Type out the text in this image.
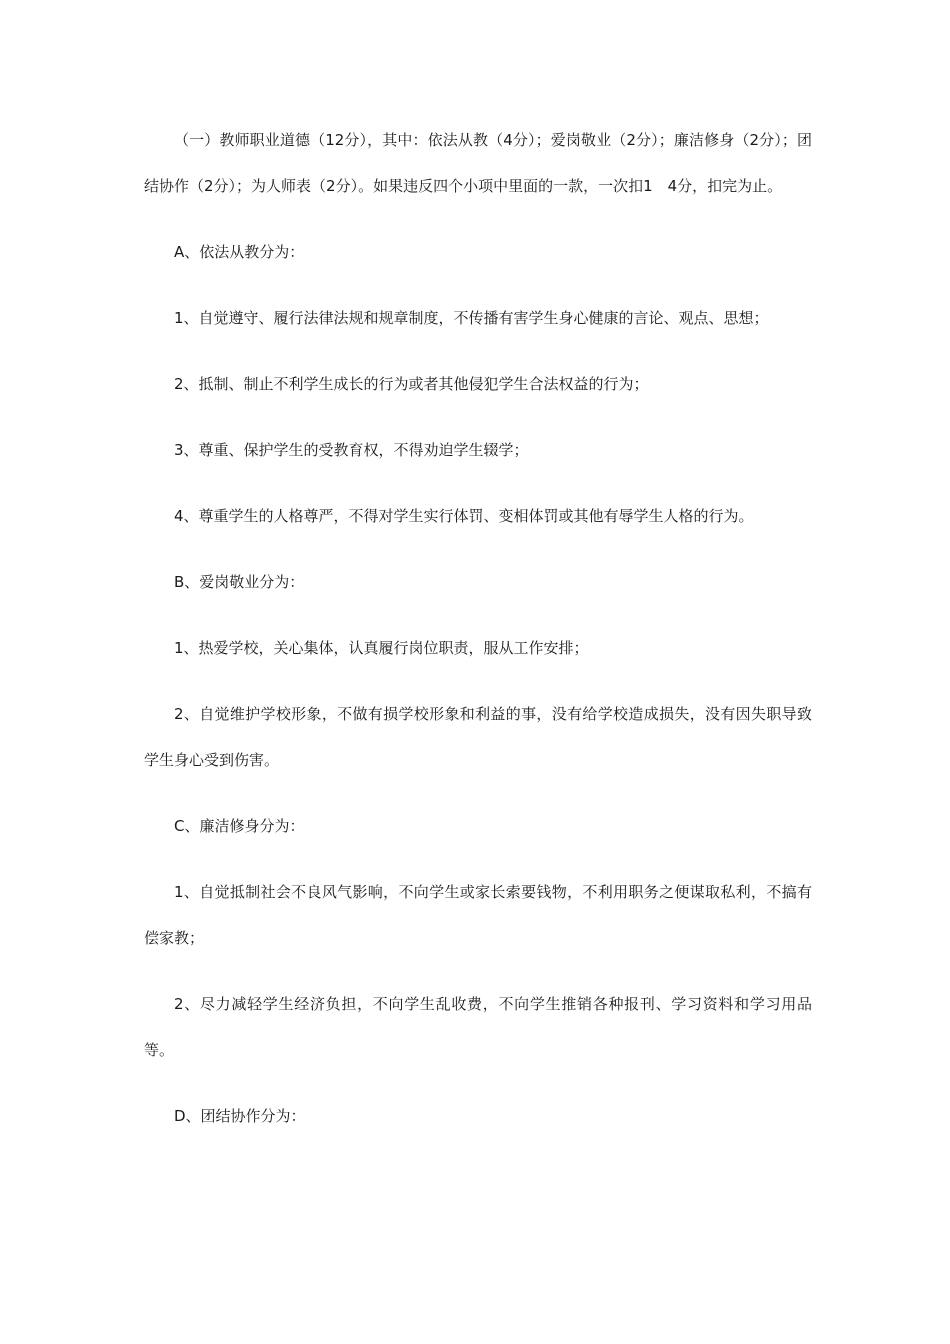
（一）教师职业道德（12分），其中：依法从教（4分）；爱岗敬业（2分）；廉洁修身（2分）；团结协作（2分）；为人师表（2分）。如果违反四个小项中里面的一款，一次扣1　4分，扣完为止。

A、依法从教分为：

1、自觉遵守、履行法律法规和规章制度，不传播有害学生身心健康的言论、观点、思想；

2、抵制、制止不利学生成长的行为或者其他侵犯学生合法权益的行为；

3、尊重、保护学生的受教育权，不得劝迫学生辍学；

4、尊重学生的人格尊严，不得对学生实行体罚、变相体罚或其他有辱学生人格的行为。

B、爱岗敬业分为：

1、热爱学校，关心集体，认真履行岗位职责，服从工作安排；

2、自觉维护学校形象，不做有损学校形象和利益的事，没有给学校造成损失，没有因失职导致学生身心受到伤害。

C、廉洁修身分为：

1、自觉抵制社会不良风气影响，不向学生或家长索要钱物，不利用职务之便谋取私利，不搞有偿家教；

2、尽力减轻学生经济负担，不向学生乱收费，不向学生推销各种报刊、学习资料和学习用品等。

D、团结协作分为：
